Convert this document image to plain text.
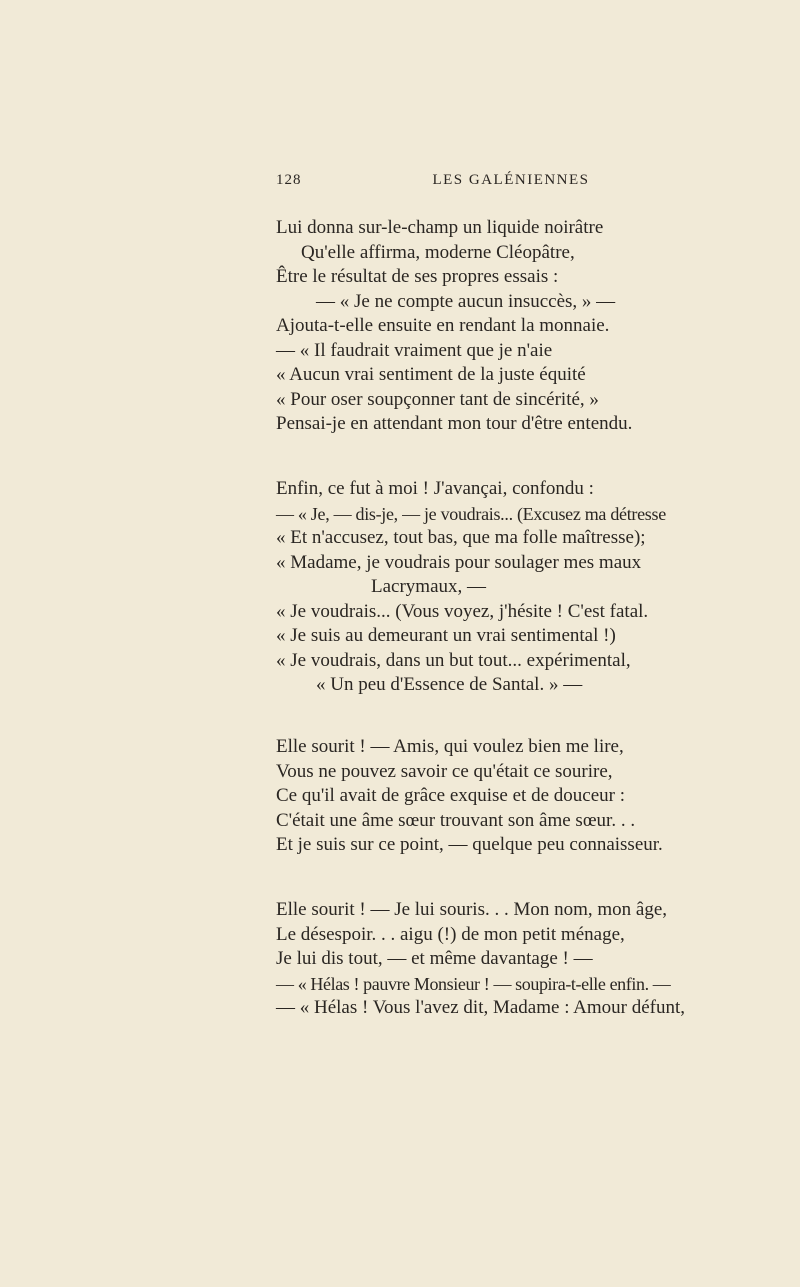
128	LES GALÉNIENNES
Lui donna sur-le-champ un liquide noirâtre
Qu'elle affirma, moderne Cléopâtre,
Être le résultat de ses propres essais :
— « Je ne compte aucun insuccès, » —
Ajouta-t-elle ensuite en rendant la monnaie.
— « Il faudrait vraiment que je n'aie
« Aucun vrai sentiment de la juste équité
« Pour oser soupçonner tant de sincérité, »
Pensai-je en attendant mon tour d'être entendu.
Enfin, ce fut à moi ! J'avançai, confondu :
— « Je, — dis-je, — je voudrais... (Excusez ma détresse
« Et n'accusez, tout bas, que ma folle maîtresse);
« Madame, je voudrais pour soulager mes maux
Lacrymaux, —
« Je voudrais... (Vous voyez, j'hésite ! C'est fatal.
« Je suis au demeurant un vrai sentimental !)
« Je voudrais, dans un but tout... expérimental,
« Un peu d'Essence de Santal. » —
Elle sourit ! — Amis, qui voulez bien me lire,
Vous ne pouvez savoir ce qu'était ce sourire,
Ce qu'il avait de grâce exquise et de douceur :
C'était une âme sœur trouvant son âme sœur. . .
Et je suis sur ce point, — quelque peu connaisseur.
Elle sourit ! — Je lui souris. . . Mon nom, mon âge,
Le désespoir. . . aigu (!) de mon petit ménage,
Je lui dis tout, — et même davantage ! —
— « Hélas ! pauvre Monsieur ! — soupira-t-elle enfin. —
— « Hélas ! Vous l'avez dit, Madame : Amour défunt,
